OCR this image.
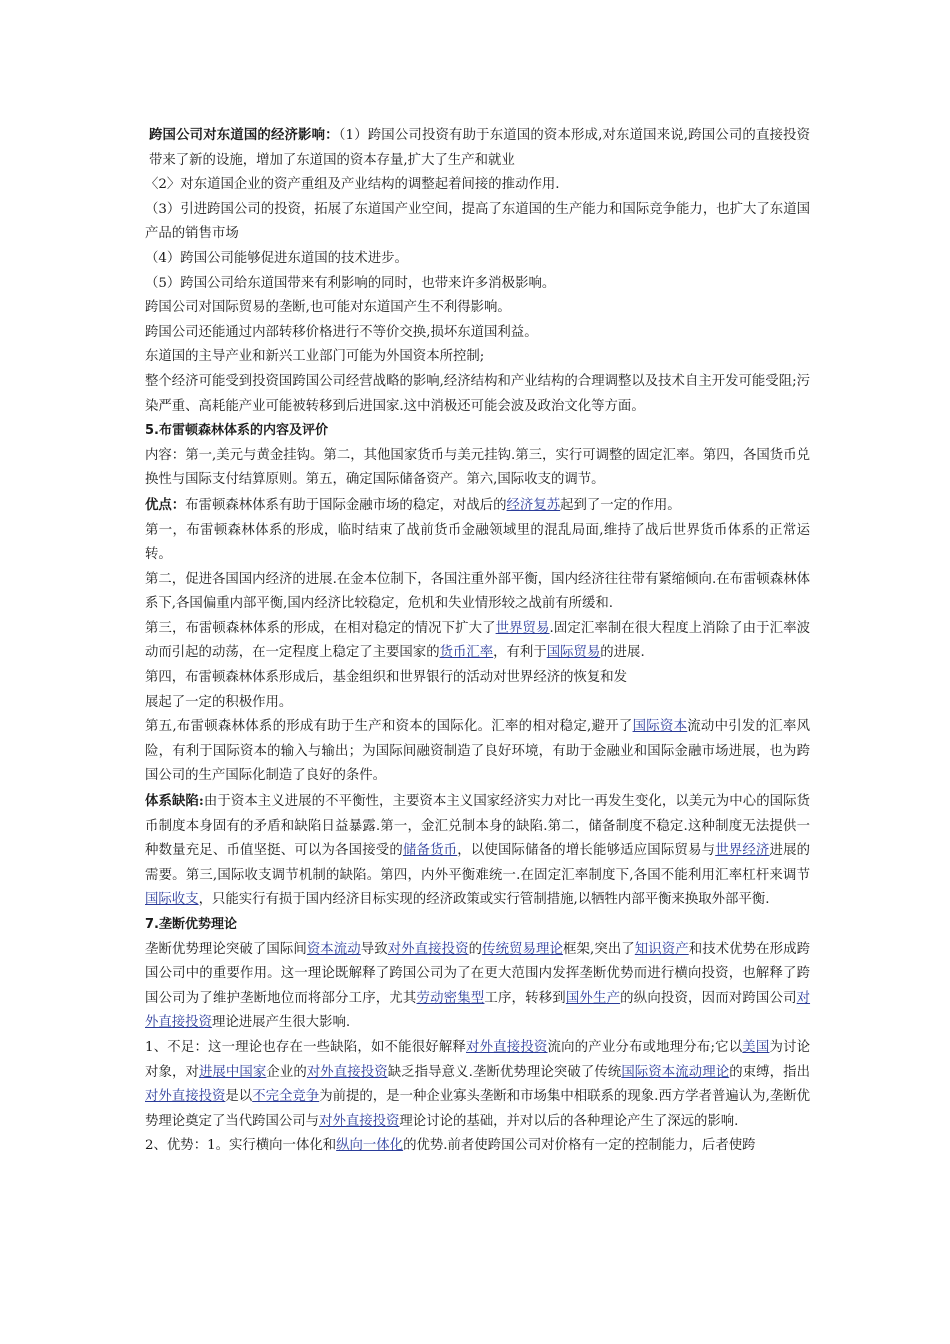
跨国公司对东道国的经济影响：（1）跨国公司投资有助于东道国的资本形成,对东道国来说,跨国公司的直接投资带来了新的设施，增加了东道国的资本存量,扩大了生产和就业

〈2〉对东道国企业的资产重组及产业结构的调整起着间接的推动作用.

（3）引进跨国公司的投资，拓展了东道国产业空间，提高了东道国的生产能力和国际竞争能力，也扩大了东道国产品的销售市场

（4）跨国公司能够促进东道国的技术进步。

（5）跨国公司给东道国带来有利影响的同时，也带来许多消极影响。

跨国公司对国际贸易的垄断,也可能对东道国产生不利得影响。

跨国公司还能通过内部转移价格进行不等价交换,损坏东道国利益。

东道国的主导产业和新兴工业部门可能为外国资本所控制;

整个经济可能受到投资国跨国公司经营战略的影响,经济结构和产业结构的合理调整以及技术自主开发可能受阻;污染严重、高耗能产业可能被转移到后进国家.这中消极还可能会波及政治文化等方面。

5.布雷顿森林体系的内容及评价

内容：第一,美元与黄金挂钩。第二，其他国家货币与美元挂钩.第三，实行可调整的固定汇率。第四，各国货币兑换性与国际支付结算原则。第五，确定国际储备资产。第六,国际收支的调节。

优点：布雷顿森林体系有助于国际金融市场的稳定，对战后的经济复苏起到了一定的作用。

第一，布雷顿森林体系的形成，临时结束了战前货币金融领域里的混乱局面,维持了战后世界货币体系的正常运转。

第二，促进各国国内经济的进展.在金本位制下，各国注重外部平衡，国内经济往往带有紧缩倾向.在布雷顿森林体系下,各国偏重内部平衡,国内经济比较稳定，危机和失业情形较之战前有所缓和.

第三，布雷顿森林体系的形成，在相对稳定的情况下扩大了世界贸易.固定汇率制在很大程度上消除了由于汇率波动而引起的动荡，在一定程度上稳定了主要国家的货币汇率，有利于国际贸易的进展.

第四，布雷顿森林体系形成后，基金组织和世界银行的活动对世界经济的恢复和发

展起了一定的积极作用。

第五,布雷顿森林体系的形成有助于生产和资本的国际化。汇率的相对稳定,避开了国际资本流动中引发的汇率风险，有利于国际资本的输入与输出；为国际间融资制造了良好环境，有助于金融业和国际金融市场进展，也为跨国公司的生产国际化制造了良好的条件。

体系缺陷:由于资本主义进展的不平衡性，主要资本主义国家经济实力对比一再发生变化，以美元为中心的国际货币制度本身固有的矛盾和缺陷日益暴露.第一，金汇兑制本身的缺陷.第二，储备制度不稳定.这种制度无法提供一种数量充足、币值坚挺、可以为各国接受的储备货币，以使国际储备的增长能够适应国际贸易与世界经济进展的需要。第三,国际收支调节机制的缺陷。第四，内外平衡难统一.在固定汇率制度下,各国不能利用汇率杠杆来调节国际收支，只能实行有损于国内经济目标实现的经济政策或实行管制措施,以牺牲内部平衡来换取外部平衡.

7.垄断优势理论

垄断优势理论突破了国际间资本流动导致对外直接投资的传统贸易理论框架,突出了知识资产和技术优势在形成跨国公司中的重要作用。这一理论既解释了跨国公司为了在更大范围内发挥垄断优势而进行横向投资，也解释了跨国公司为了维护垄断地位而将部分工序，尤其劳动密集型工序，转移到国外生产的纵向投资，因而对跨国公司对外直接投资理论进展产生很大影响.

1、不足：这一理论也存在一些缺陷，如不能很好解释对外直接投资流向的产业分布或地理分布;它以美国为讨论对象，对进展中国家企业的对外直接投资缺乏指导意义.垄断优势理论突破了传统国际资本流动理论的束缚，指出对外直接投资是以不完全竞争为前提的，是一种企业寡头垄断和市场集中相联系的现象.西方学者普遍认为,垄断优势理论奠定了当代跨国公司与对外直接投资理论讨论的基础，并对以后的各种理论产生了深远的影响.

2、优势：1。实行横向一体化和纵向一体化的优势.前者使跨国公司对价格有一定的控制能力，后者使跨
